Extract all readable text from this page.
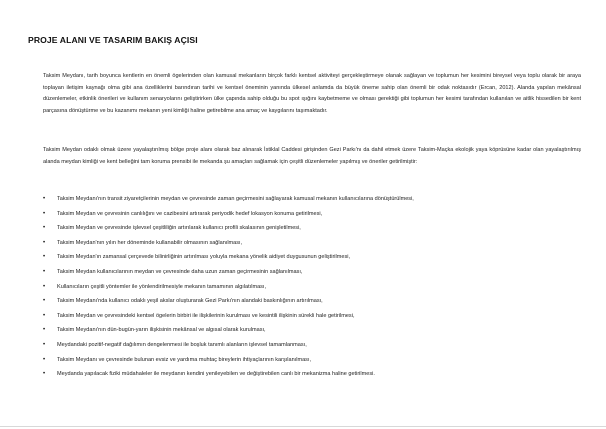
PROJE ALANI VE TASARIM BAKIŞ AÇISI

Taksim Meydanı, tarih boyunca kentlerin en önemli ögelerinden olan kamusal mekanların birçok farklı kentsel aktiviteyi gerçekleştirmeye olanak sağlayan ve toplumun her kesimini bireysel veya toplu olarak bir araya toplayan iletişim kaynağı olma gibi ana özelliklerini barındıran tarihi ve kentsel öneminin yanında ülkesel anlamda da büyük öneme sahip olan önemli bir odak noktasıdır (Ercan, 2012). Alanda yapılan mekânsal düzenlemeler, etkinlik önerileri ve kullanım senaryolarını geliştirirken ülke çapında sahip olduğu bu spot ışığını kaybetmeme ve olması gerektiği gibi toplumun her kesimi tarafından kullanılan ve aitlik hissedilen bir kent parçasına dönüştürme ve bu kazanımı mekanın yeni kimliği haline getirebilme ana amaç ve kaygılarını taşımaktadır.

Taksim Meydan odaklı olmak üzere yayalaştırılmış bölge proje alanı olarak baz alınarak İstiklal Caddesi girişinden Gezi Parkı'nı da dahil etmek üzere Taksim-Maçka ekolojik yaya köprüsüne kadar olan yayalaştırılmış alanda meydan kimliği ve kent belleğini tam koruma prensibi ile mekanda şu amaçları sağlamak için çeşitli düzenlemeler yapılmış ve öneriler getirilmiştir:

• Taksim Meydanı'nın transit ziyaretçilerinin meydan ve çevresinde zaman geçirmesini sağlayarak kamusal mekanın kullanıcılarına dönüştürülmesi,
• Taksim Meydan ve çevresinin canlılığını ve cazibesini artırarak periyodik hedef lokasyon konuma getirilmesi,
• Taksim Meydan ve çevresinde işlevsel çeşitliliğin artırılarak kullanıcı profili skalasının genişletilmesi,
• Taksim Meydan'nın yılın her döneminde kullanabilir olmasının sağlanılması,
• Taksim Meydan'ın zamansal çerçevede bilinirliğinin artırılması yoluyla mekana yönelik aidiyet duygusunun geliştirilmesi,
• Taksim Meydan kullanıcılarının meydan ve çevresinde daha uzun zaman geçirmesinin sağlanılması,
• Kullanıcıların çeşitli yöntemler ile yönlendirilmesiyle mekanın tamamının algılatılması,
• Taksim Meydanı'nda kullanıcı odaklı yeşil akslar oluşturarak Gezi Parkı'nın alandaki baskınlığının artırılması,
• Taksim Meydan ve çevresindeki kentsel ögelerin birbiri ile ilişkilerinin kurulması ve kesintili ilişkinin sürekli hale getirilmesi,
• Taksim Meydanı'nın dün-bugün-yarın ilişkisinin mekânsal ve algısal olarak kurulması,
• Meydandaki pozitif-negatif dağılımın dengelenmesi ile boşluk tanımlı alanların işlevsel tamamlanması,
• Taksim Meydanı ve çevresinde bulunan evsiz ve yardıma muhtaç bireylerin ihtiyaçlarının karşılanılması,
• Meydanda yapılacak fiziki müdahaleler ile meydanın kendini yenileyebilen ve değiştirebilen canlı bir mekanizma haline getirilmesi.
